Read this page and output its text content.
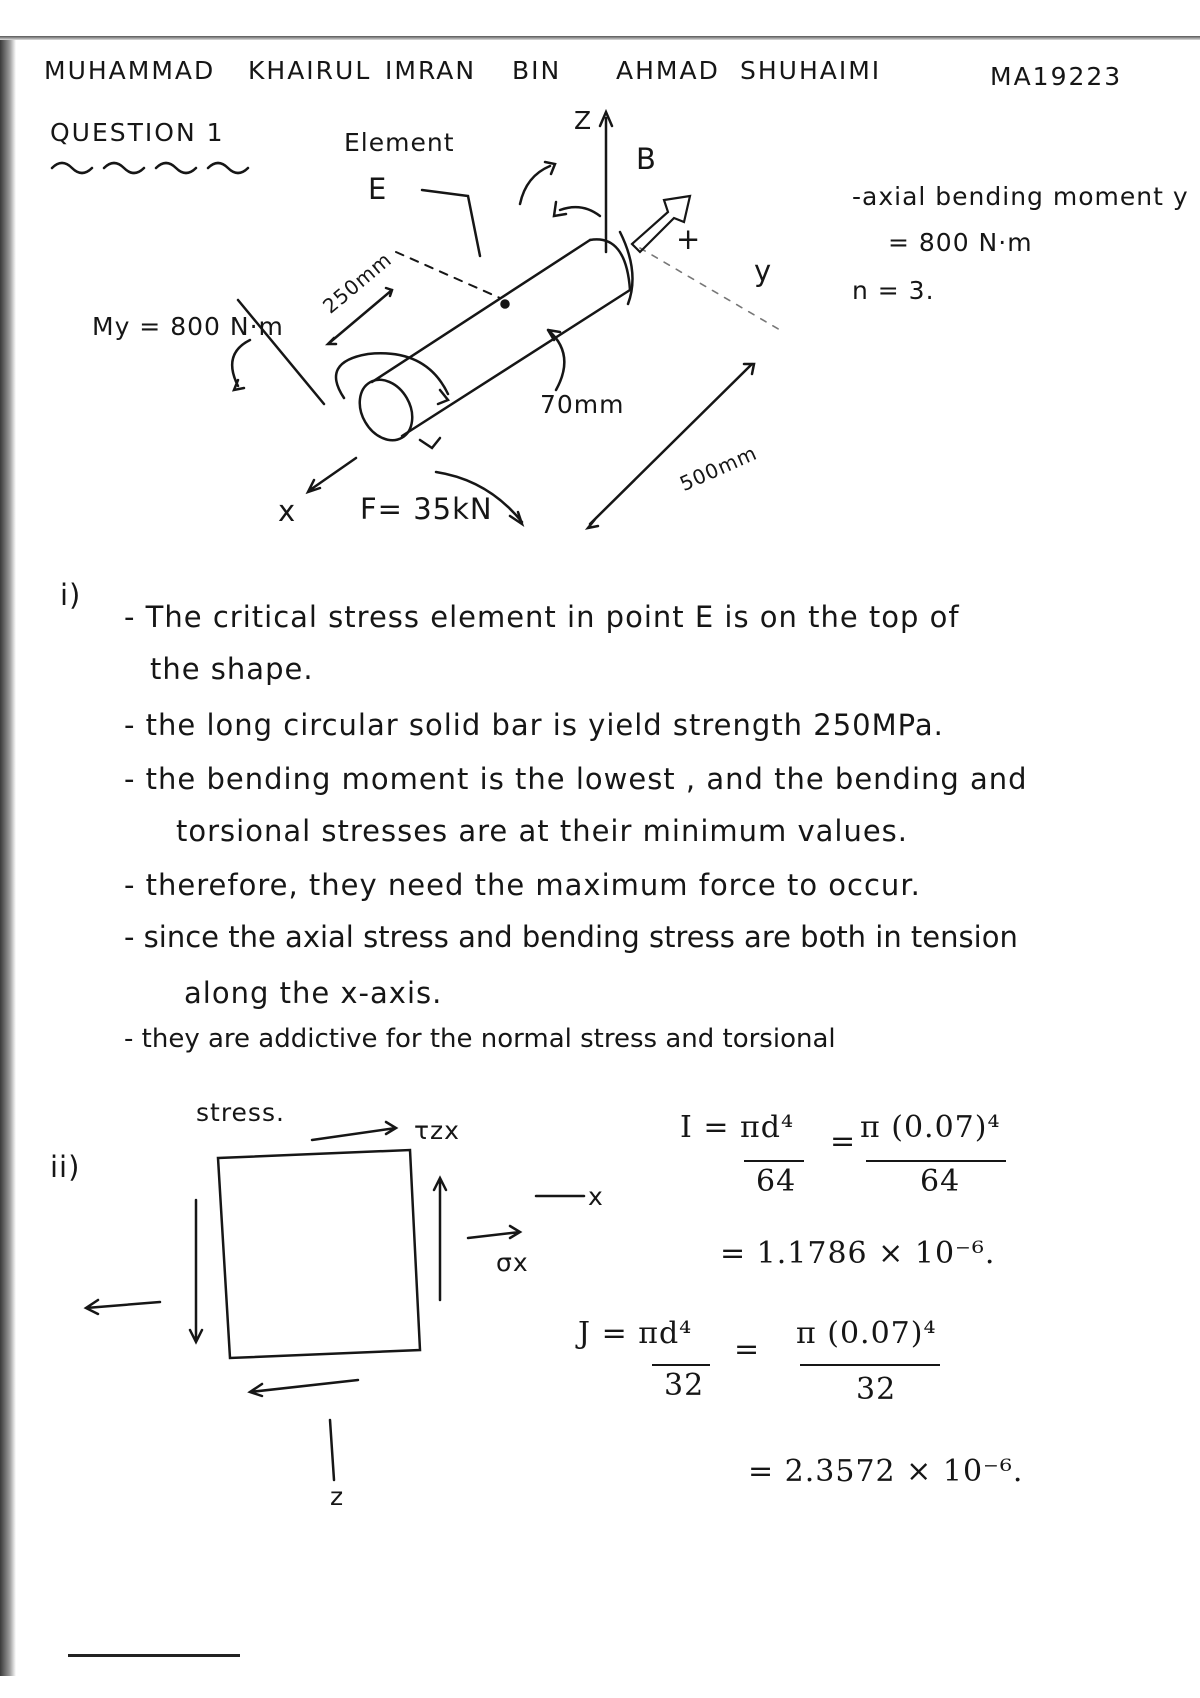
MUHAMMAD KHAIRUL IMRAN BIN AHMAD SHUHAIMI	MA19223
QUESTION 1	Element
E
Z
B
+
y
My = 800 N·m
250mm
70mm
500mm
x F= 35kN
-axial bending moment y
= 800 N·m
n = 3.
i)
- The critical stress element in point E is on the top of
the shape.
- the long circular solid bar is yield strength 250MPa.
- the bending moment is the lowest , and the bending and
torsional stresses are at their minimum values.
- therefore, they need the maximum force to occur.
- since the axial stress and bending stress are both in tension
along the x-axis.
- they are addictive for the normal stress and torsional
stress.
ii)
τzx
σx
x
z
I = πd⁴
64
= π (0.07)⁴
64
= 1.1786 × 10⁻⁶.
J = πd⁴
32
= π (0.07)⁴
32
= 2.3572 × 10⁻⁶.
